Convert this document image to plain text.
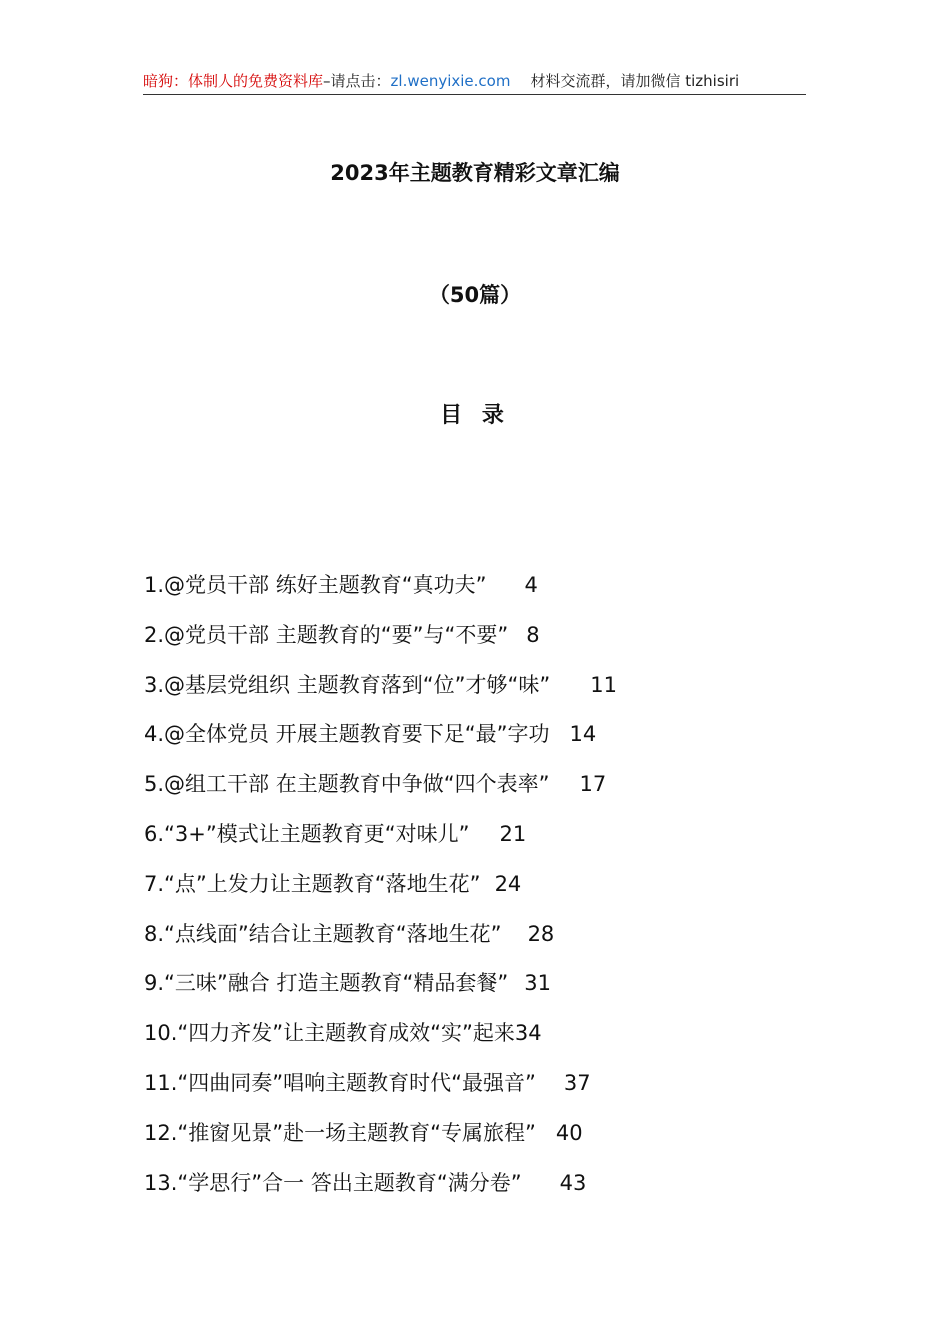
暗狗：体制人的免费资料库–请点击：zl.wenyixie.com 材料交流群，请加微信 tizhisiri
2023年主题教育精彩文章汇编
（50篇）
目 录
1.@党员干部 练好主题教育“真功夫” 4
2.@党员干部 主题教育的“要”与“不要” 8
3.@基层党组织 主题教育落到“位”才够“味” 11
4.@全体党员 开展主题教育要下足“最”字功 14
5.@组工干部 在主题教育中争做“四个表率” 17
6.“3+”模式让主题教育更“对味儿” 21
7.“点”上发力让主题教育“落地生花” 24
8.“点线面”结合让主题教育“落地生花” 28
9.“三味”融合 打造主题教育“精品套餐” 31
10.“四力齐发”让主题教育成效“实”起来34
11.“四曲同奏”唱响主题教育时代“最强音” 37
12.“推窗见景”赴一场主题教育“专属旅程” 40
13.“学思行”合一 答出主题教育“满分卷” 43
